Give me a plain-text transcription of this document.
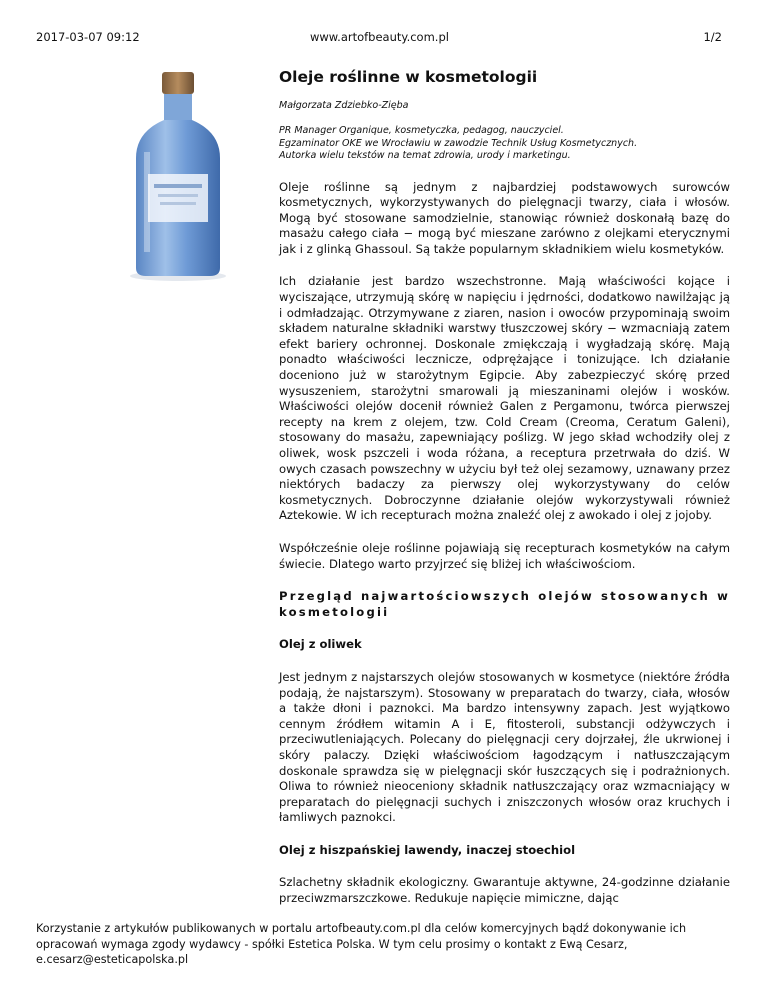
2017-03-07 09:12	www.artofbeauty.com.pl	1/2
Oleje roślinne w kosmetologii

Małgorzata Zdziebko-Zięba

PR Manager Organique, kosmetyczka, pedagog, nauczyciel.
Egzaminator OKE we Wrocławiu w zawodzie Technik Usług Kosmetycznych.
Autorka wielu tekstów na temat zdrowia, urody i marketingu.

Oleje roślinne są jednym z najbardziej podstawowych surowców kosmetycznych, wykorzystywanych do pielęgnacji twarzy, ciała i włosów. Mogą być stosowane samodzielnie, stanowiąc również doskonałą bazę do masażu całego ciała − mogą być mieszane zarówno z olejkami eterycznymi jak i z glinką Ghassoul. Są także popularnym składnikiem wielu kosmetyków.

Ich działanie jest bardzo wszechstronne. Mają właściwości kojące i wyciszające, utrzymują skórę w napięciu i jędrności, dodatkowo nawilżając ją i odmładzając. Otrzymywane z ziaren, nasion i owoców przypominają swoim składem naturalne składniki warstwy tłuszczowej skóry − wzmacniają zatem efekt bariery ochronnej. Doskonale zmiękczają i wygładzają skórę. Mają ponadto właściwości lecznicze, odprężające i tonizujące. Ich działanie doceniono już w starożytnym Egipcie. Aby zabezpieczyć skórę przed wysuszeniem, starożytni smarowali ją mieszaninami olejów i wosków. Właściwości olejów docenił również Galen z Pergamonu, twórca pierwszej recepty na krem z olejem, tzw. Cold Cream (Creoma, Ceratum Galeni), stosowany do masażu, zapewniający poślizg. W jego skład wchodziły olej z oliwek, wosk pszczeli i woda różana, a receptura przetrwała do dziś. W owych czasach powszechny w użyciu był też olej sezamowy, uznawany przez niektórych badaczy za pierwszy olej wykorzystywany do celów kosmetycznych. Dobroczynne działanie olejów wykorzystywali również Aztekowie. W ich recepturach można znaleźć olej z awokado i olej z jojoby.

Współcześnie oleje roślinne pojawiają się recepturach kosmetyków na całym świecie. Dlatego warto przyjrzeć się bliżej ich właściwościom.

Przegląd najwartościowszych olejów stosowanych w kosmetologii

Olej z oliwek

Jest jednym z najstarszych olejów stosowanych w kosmetyce (niektóre źródła podają, że najstarszym). Stosowany w preparatach do twarzy, ciała, włosów a także dłoni i paznokci. Ma bardzo intensywny zapach. Jest wyjątkowo cennym źródłem witamin A i E, fitosteroli, substancji odżywczych i przeciwutleniających. Polecany do pielęgnacji cery dojrzałej, źle ukrwionej i skóry palaczy. Dzięki właściwościom łagodzącym i natłuszczającym doskonale sprawdza się w pielęgnacji skór łuszczących się i podrażnionych. Oliwa to również nieoceniony składnik natłuszczający oraz wzmacniający w preparatach do pielęgnacji suchych i zniszczonych włosów oraz kruchych i łamliwych paznokci.

Olej z hiszpańskiej lawendy, inaczej stoechiol

Szlachetny składnik ekologiczny. Gwarantuje aktywne, 24-godzinne działanie przeciwzmarszczkowe. Redukuje napięcie mimiczne, dając

Korzystanie z artykułów publikowanych w portalu artofbeauty.com.pl dla celów komercyjnych bądź dokonywanie ich opracowań wymaga zgody wydawcy - spółki Estetica Polska. W tym celu prosimy o kontakt z Ewą Cesarz, e.cesarz@esteticapolska.pl
